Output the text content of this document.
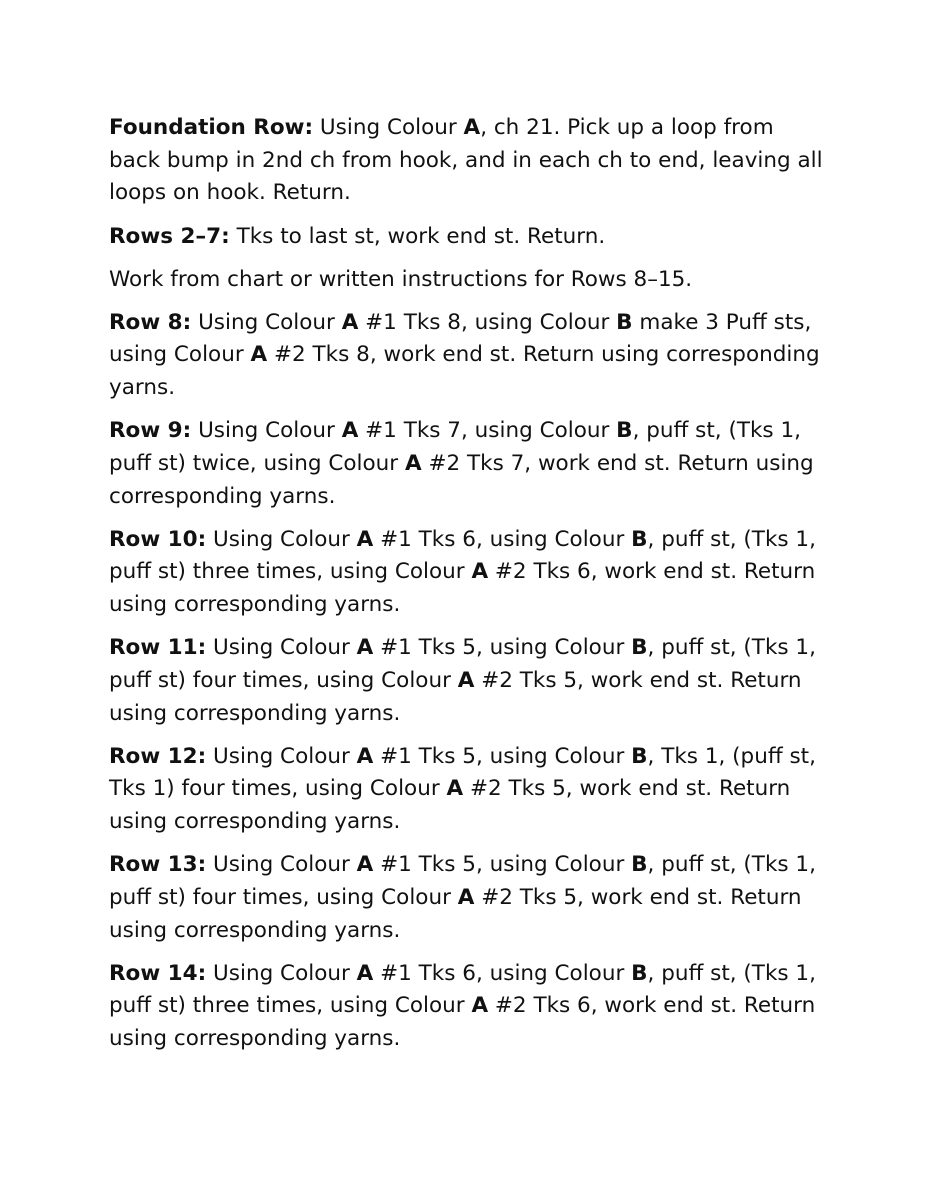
Foundation Row: Using Colour A, ch 21. Pick up a loop from back bump in 2nd ch from hook, and in each ch to end, leaving all loops on hook. Return.

Rows 2–7: Tks to last st, work end st. Return.

Work from chart or written instructions for Rows 8–15.

Row 8: Using Colour A #1 Tks 8, using Colour B make 3 Puff sts, using Colour A #2 Tks 8, work end st. Return using corresponding yarns.

Row 9: Using Colour A #1 Tks 7, using Colour B, puff st, (Tks 1, puff st) twice, using Colour A #2 Tks 7, work end st. Return using corresponding yarns.

Row 10: Using Colour A #1 Tks 6, using Colour B, puff st, (Tks 1, puff st) three times, using Colour A #2 Tks 6, work end st. Return using corresponding yarns.

Row 11: Using Colour A #1 Tks 5, using Colour B, puff st, (Tks 1, puff st) four times, using Colour A #2 Tks 5, work end st. Return using corresponding yarns.

Row 12: Using Colour A #1 Tks 5, using Colour B, Tks 1, (puff st, Tks 1) four times, using Colour A #2 Tks 5, work end st. Return using corresponding yarns.

Row 13: Using Colour A #1 Tks 5, using Colour B, puff st, (Tks 1, puff st) four times, using Colour A #2 Tks 5, work end st. Return using corresponding yarns.

Row 14: Using Colour A #1 Tks 6, using Colour B, puff st, (Tks 1, puff st) three times, using Colour A #2 Tks 6, work end st. Return using corresponding yarns.
